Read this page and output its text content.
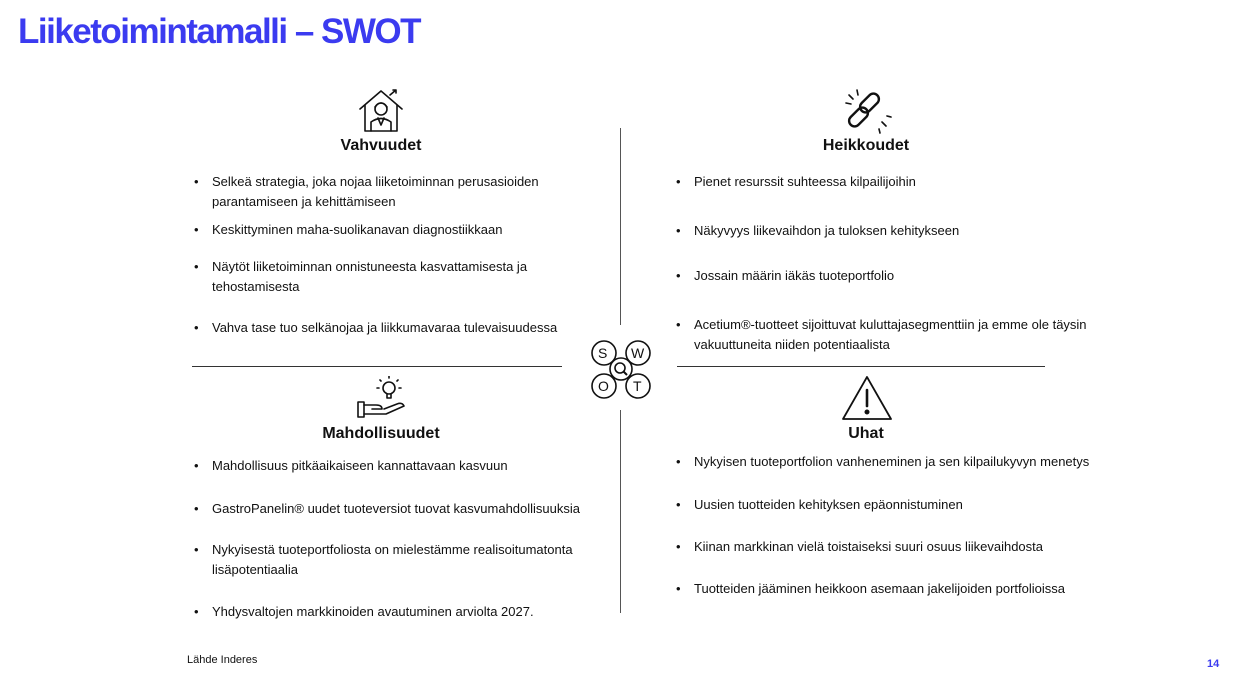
Liiketoimintamalli – SWOT
Vahvuudet
• Selkeä strategia, joka nojaa liiketoiminnan perusasioiden parantamiseen ja kehittämiseen
• Keskittyminen maha-suolikanavan diagnostiikkaan
• Näytöt liiketoiminnan onnistuneesta kasvattamisesta ja tehostamisesta
• Vahva tase tuo selkänojaa ja liikkumavaraa tulevaisuudessa
Heikkoudet
• Pienet resurssit suhteessa kilpailijoihin
• Näkyvyys liikevaihdon ja tuloksen kehitykseen
• Jossain määrin iäkäs tuoteportfolio
• Acetium®-tuotteet sijoittuvat kuluttajasegmenttiin ja emme ole täysin vakuuttuneita niiden potentiaalista
S W
O T
Mahdollisuudet
• Mahdollisuus pitkäaikaiseen kannattavaan kasvuun
• GastroPanelin® uudet tuoteversiot tuovat kasvumahdollisuuksia
• Nykyisestä tuoteportfoliosta on mielestämme realisoitumatonta lisäpotentiaalia
• Yhdysvaltojen markkinoiden avautuminen arviolta 2027.
Uhat
• Nykyisen tuoteportfolion vanheneminen ja sen kilpailukyvyn menetys
• Uusien tuotteiden kehityksen epäonnistuminen
• Kiinan markkinan vielä toistaiseksi suuri osuus liikevaihdosta
• Tuotteiden jääminen heikkoon asemaan jakelijoiden portfolioissa
Lähde Inderes	14
